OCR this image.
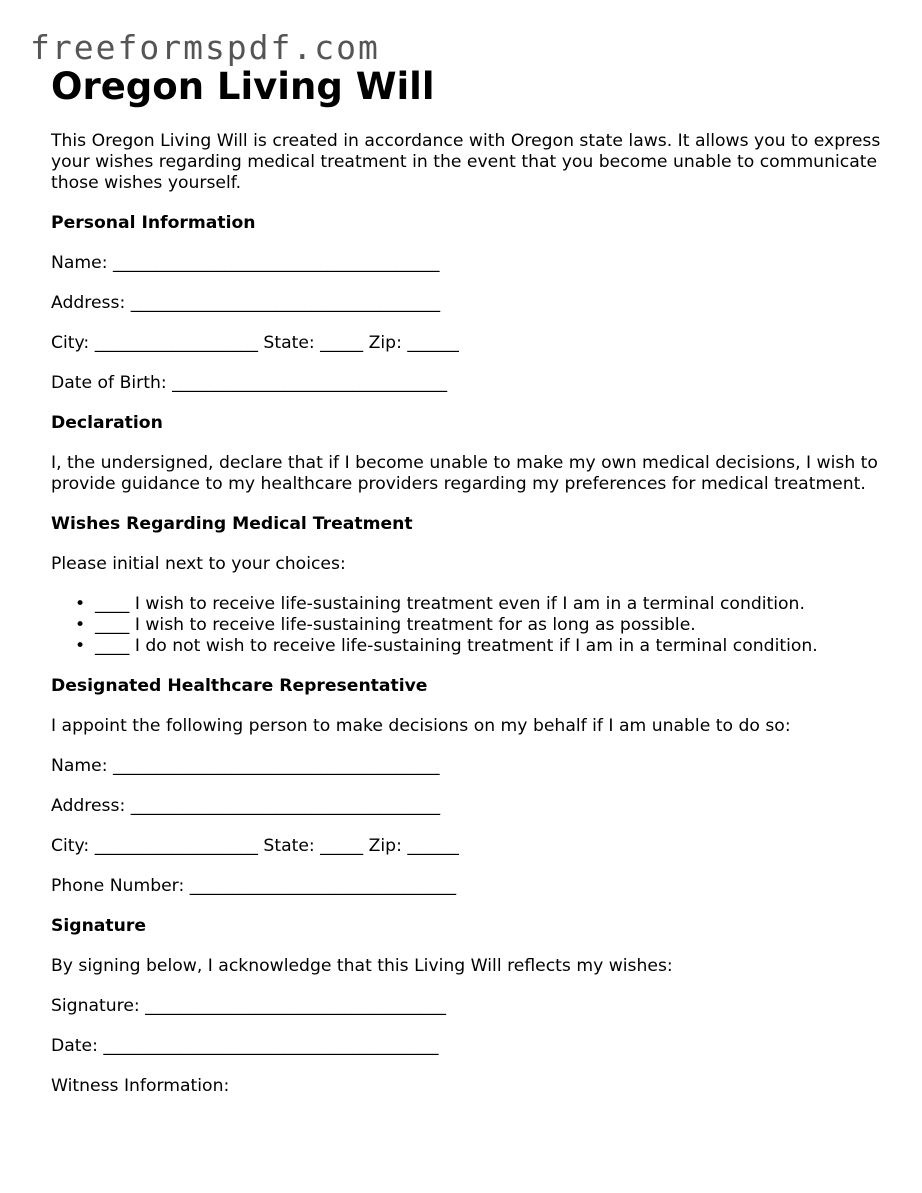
freeformspdf.com
Oregon Living Will

This Oregon Living Will is created in accordance with Oregon state laws. It allows you to express your wishes regarding medical treatment in the event that you become unable to communicate those wishes yourself.

Personal Information

Name: ______________________________________

Address: ____________________________________

City: ___________________ State: _____ Zip: ______

Date of Birth: ________________________________

Declaration

I, the undersigned, declare that if I become unable to make my own medical decisions, I wish to provide guidance to my healthcare providers regarding my preferences for medical treatment.

Wishes Regarding Medical Treatment

Please initial next to your choices:

• ____ I wish to receive life-sustaining treatment even if I am in a terminal condition.
• ____ I wish to receive life-sustaining treatment for as long as possible.
• ____ I do not wish to receive life-sustaining treatment if I am in a terminal condition.

Designated Healthcare Representative

I appoint the following person to make decisions on my behalf if I am unable to do so:

Name: ______________________________________

Address: ____________________________________

City: ___________________ State: _____ Zip: ______

Phone Number: _______________________________

Signature

By signing below, I acknowledge that this Living Will reflects my wishes:

Signature: ___________________________________

Date: _______________________________________

Witness Information:
